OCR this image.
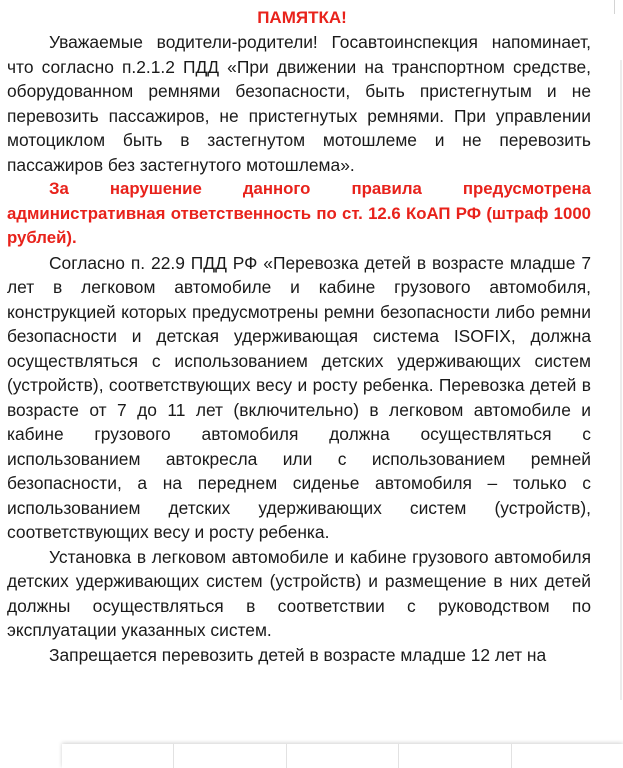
ПАМЯТКА!

Уважаемые водители-родители! Госавтоинспекция напоминает, что согласно п.2.1.2 ПДД «При движении на транспортном средстве, оборудованном ремнями безопасности, быть пристегнутым и не перевозить пассажиров, не пристегнутых ремнями. При управлении мотоциклом быть в застегнутом мотошлеме и не перевозить пассажиров без застегнутого мотошлема».

За нарушение данного правила предусмотрена административная ответственность по ст. 12.6 КоАП РФ (штраф 1000 рублей).

Согласно п. 22.9 ПДД РФ «Перевозка детей в возрасте младше 7 лет в легковом автомобиле и кабине грузового автомобиля, конструкцией которых предусмотрены ремни безопасности либо ремни безопасности и детская удерживающая система ISOFIX, должна осуществляться с использованием детских удерживающих систем (устройств), соответствующих весу и росту ребенка. Перевозка детей в возрасте от 7 до 11 лет (включительно) в легковом автомобиле и кабине грузового автомобиля должна осуществляться с использованием автокресла или с использованием ремней безопасности, а на переднем сиденье автомобиля – только с использованием детских удерживающих систем (устройств), соответствующих весу и росту ребенка.

Установка в легковом автомобиле и кабине грузового автомобиля детских удерживающих систем (устройств) и размещение в них детей должны осуществляться в соответствии с руководством по эксплуатации указанных систем.

Запрещается перевозить детей в возрасте младше 12 лет на
